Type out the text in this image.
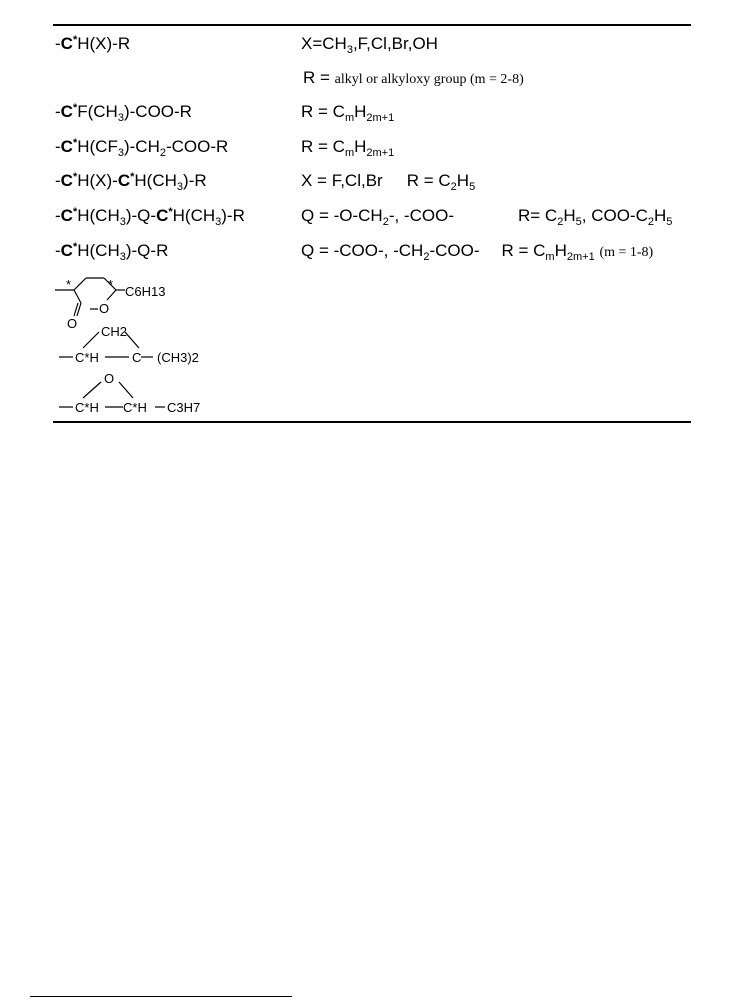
-C*H(X)-R	$X=CH_3,F,Cl,Br,OH$
R = alkyl or alkyloxy group (m = 2-8)
$-C^*F(CH_3)-COO-R$	$R = C_mH_{2m+1}$
$-C^*H(CF_3)-CH_2-COO-R$	$R = C_mH_{2m+1}$
$-C^*H(X)-C^*H(CH_3)-R$	X = F,Cl,Br $R = C_2H_5$
$-C^*H(CH_3)-Q-C^*H(CH_3)-R$	$Q = -O-CH_2-$, -COO-	$R= C_2H_5$, COO-$C_2H_5$
$-C^*H(CH_3)-Q-R$	Q = -COO-, $-CH_2-COO-$ $R = C_mH_{2m+1}$ (m = 1-8)
*	* C6H13
O
O
CH2
C*H	C (CH3)2
O
C*H C*H C3H7
